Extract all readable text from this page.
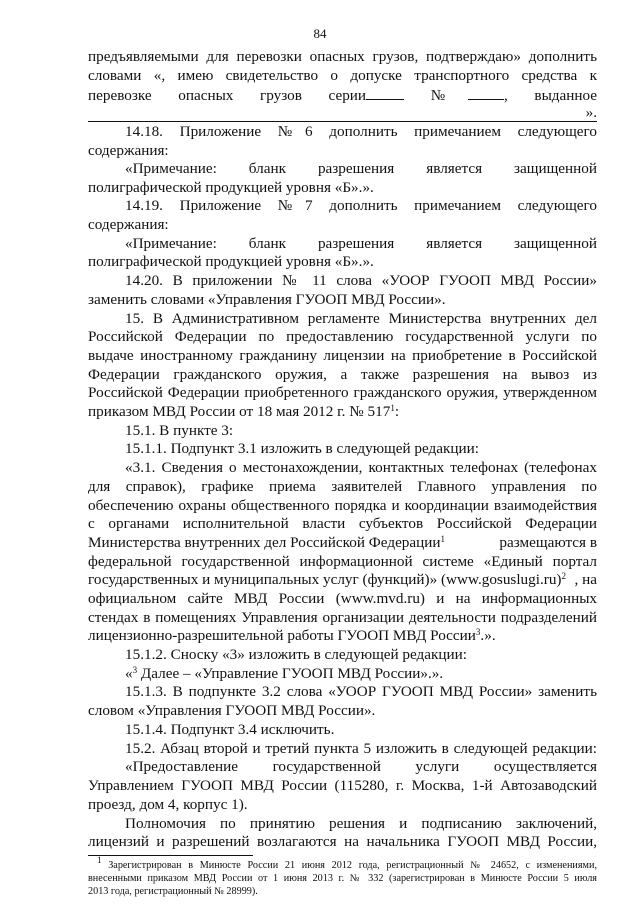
84
предъявляемыми для перевозки опасных грузов, подтверждаю» дополнить
словами «, имею свидетельство о допуске транспортного средства к
перевозке опасных грузов серии	№ , выданное
».
14.18. Приложение №6 дополнить примечанием следующего
содержания:
«Примечание: бланк разрешения является защищенной
полиграфической продукцией уровня «Б».».
14.19. Приложение №7 дополнить примечанием следующего
содержания:
«Примечание: бланк разрешения является защищенной
полиграфической продукцией уровня «Б».».
14.20. В приложении № 11 слова «УООР ГУООП МВД России»
заменить словами «Управления ГУООП МВД России».
15. В Административном регламенте Министерства внутренних дел
Российской Федерации по предоставлению государственной услуги по
выдаче иностранному гражданину лицензии на приобретение в Российской
Федерации гражданского оружия, а также разрешения на вывоз из
Российской Федерации приобретенного гражданского оружия, утвержденном
приказом МВД России от 18 мая 2012 г. № $517^1$:
15.1. В пункте 3:
15.1.1. Подпункт 3.1 изложить в следующей редакции:
«3.1. Сведения о местонахождении, контактных телефонах (телефонах
для справок), графике приема заявителей Главного управления по
обеспечению охраны общественного порядка и координации взаимодействия
с органами исполнительной власти субъектов Российской Федерации
Министерства внутренних дел Российской Федерации$^1$	размещаются в
федеральной государственной информационной системе «Единый портал
государственных и муниципальных услуг (функций)» (www.gosuslugi.ru)$^2$ , на
официальном сайте МВД России (www.mvd.ru) и на информационных
стендах в помещениях Управления организации деятельности подразделений
лицензионно-разрешительной работы ГУООП МВД России$^3$.».
15.1.2. Сноску «3» изложить в следующей редакции:
«$^3$ Далее – «Управление ГУООП МВД России».».
15.1.3. В подпункте 3.2 слова «УООР ГУООП МВД России» заменить
словом «Управления ГУООП МВД России».
15.1.4. Подпункт 3.4 исключить.
15.2. Абзац второй и третий пункта 5 изложить в следующей редакции:
«Предоставление государственной услуги осуществляется
Управлением ГУООП МВД России (115280, г. Москва, 1-й Автозаводский
проезд, дом 4, корпус 1).
Полномочия по принятию решения и подписанию заключений,
лицензий и разрешений возлагаются на начальника ГУООП МВД России,
$^1$ Зарегистрирован в Минюсте России 21 июня 2012 года, регистрационный № 24652, с изменениями,
внесенными приказом МВД России от 1 июня 2013 г. № 332 (зарегистрирован в Минюсте России 5 июля
2013 года, регистрационный № 28999).
